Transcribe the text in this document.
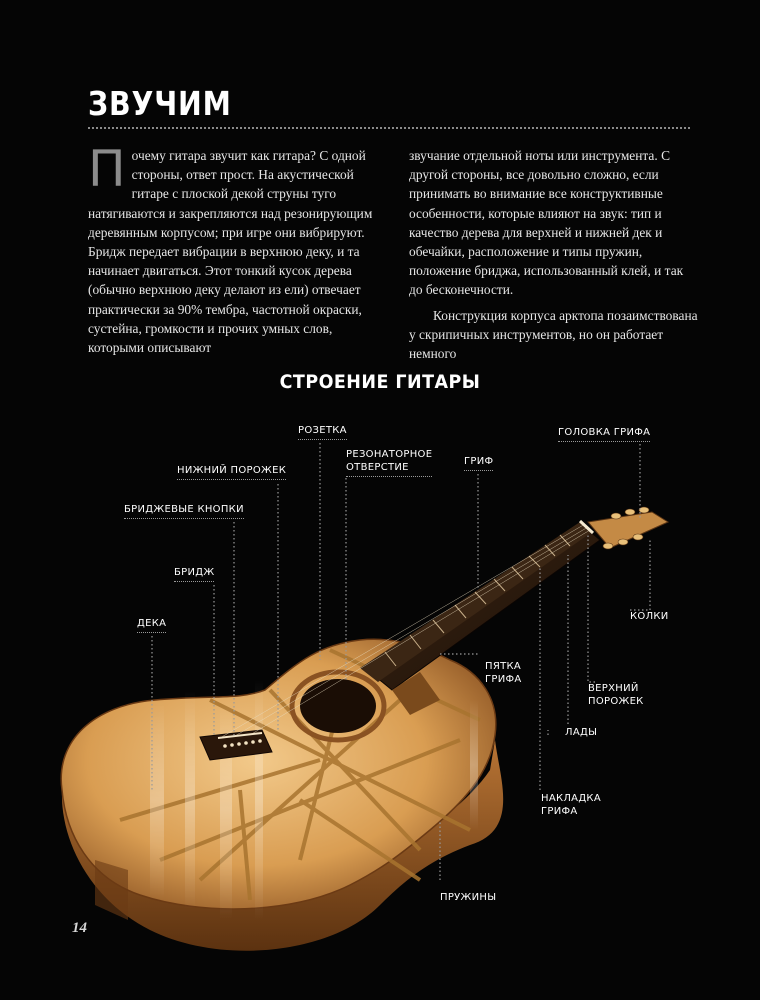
ЗВУЧИМ
П очему гитара звучит как гитара? С одной стороны, ответ прост. На акустической гитаре с плоской декой струны туго натягиваются и закрепляются над резонирующим деревянным корпусом; при игре они вибрируют. Бридж передает вибрации в верхнюю деку, и та начинает двигаться. Этот тонкий кусок дерева (обычно верхнюю деку делают из ели) отвечает практически за 90% тембра, частотной окраски, сустейна, громкости и прочих умных слов, которыми описывают

звучание отдельной ноты или инструмента. С другой стороны, все довольно сложно, если принимать во внимание все конструктивные особенности, которые влияют на звук: тип и качество дерева для верхней и нижней дек и обечайки, расположение и типы пружин, положение бриджа, использованный клей, и так до бесконечности.

Конструкция корпуса арктопа позаимствована у скрипичных инструментов, но он работает немного

СТРОЕНИЕ ГИТАРЫ
РОЗЕТКА
НИЖНИЙ ПОРОЖЕК
РЕЗОНАТОРНОЕ
ОТВЕРСТИЕ
ГРИФ
ГОЛОВКА ГРИФА
БРИДЖЕВЫЕ КНОПКИ
БРИДЖ
ДЕКА
КОЛКИ
ПЯТКА
ГРИФА
ВЕРХНИЙ
ПОРОЖЕК
ЛАДЫ
НАКЛАДКА
ГРИФА
ПРУЖИНЫ
14
